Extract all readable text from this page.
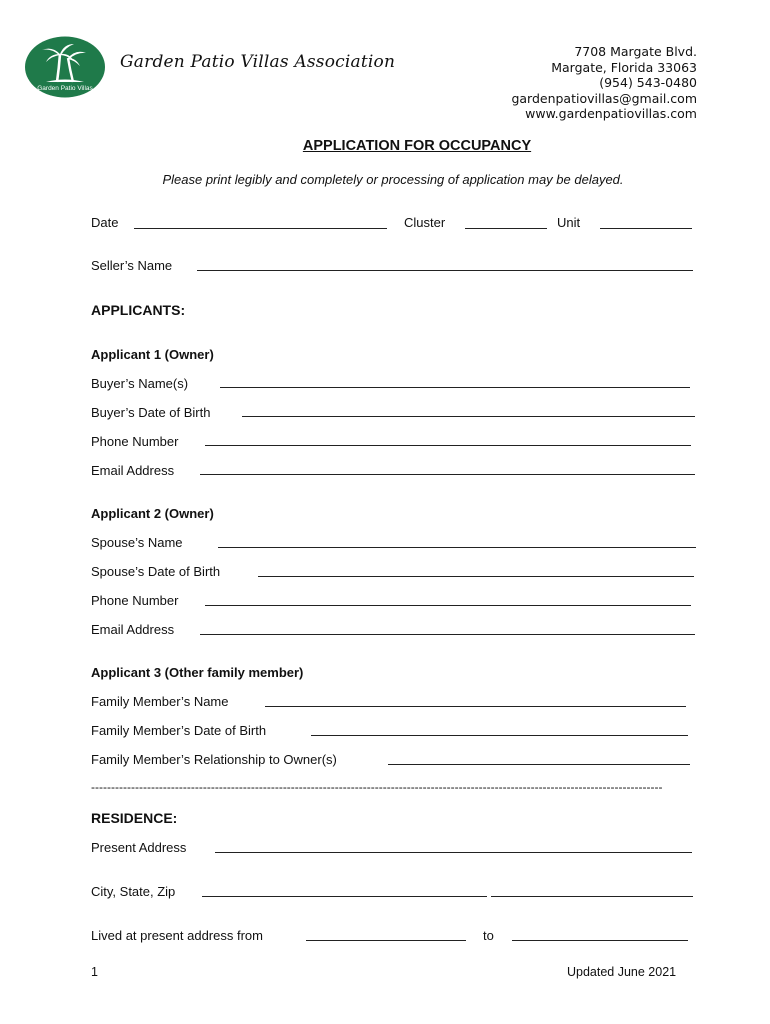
Garden Patio Villas
Garden Patio Villas Association
7708 Margate Blvd.
Margate, Florida 33063
(954) 543-0480
gardenpatiovillas@gmail.com
www.gardenpatiovillas.com
APPLICATION FOR OCCUPANCY
Please print legibly and completely or processing of application may be delayed.
Date	Cluster	Unit
Seller’s Name
APPLICANTS:
Applicant 1 (Owner)
Buyer’s Name(s)
Buyer’s Date of Birth
Phone Number
Email Address
Applicant 2 (Owner)
Spouse’s Name
Spouse’s Date of Birth
Phone Number
Email Address
Applicant 3 (Other family member)
Family Member’s Name
Family Member’s Date of Birth
Family Member’s Relationship to Owner(s)
-----------------------------------------------------------------------------------------------------------------------------------------------
RESIDENCE:
Present Address
City, State, Zip
Lived at present address from	to
1	Updated June 2021
